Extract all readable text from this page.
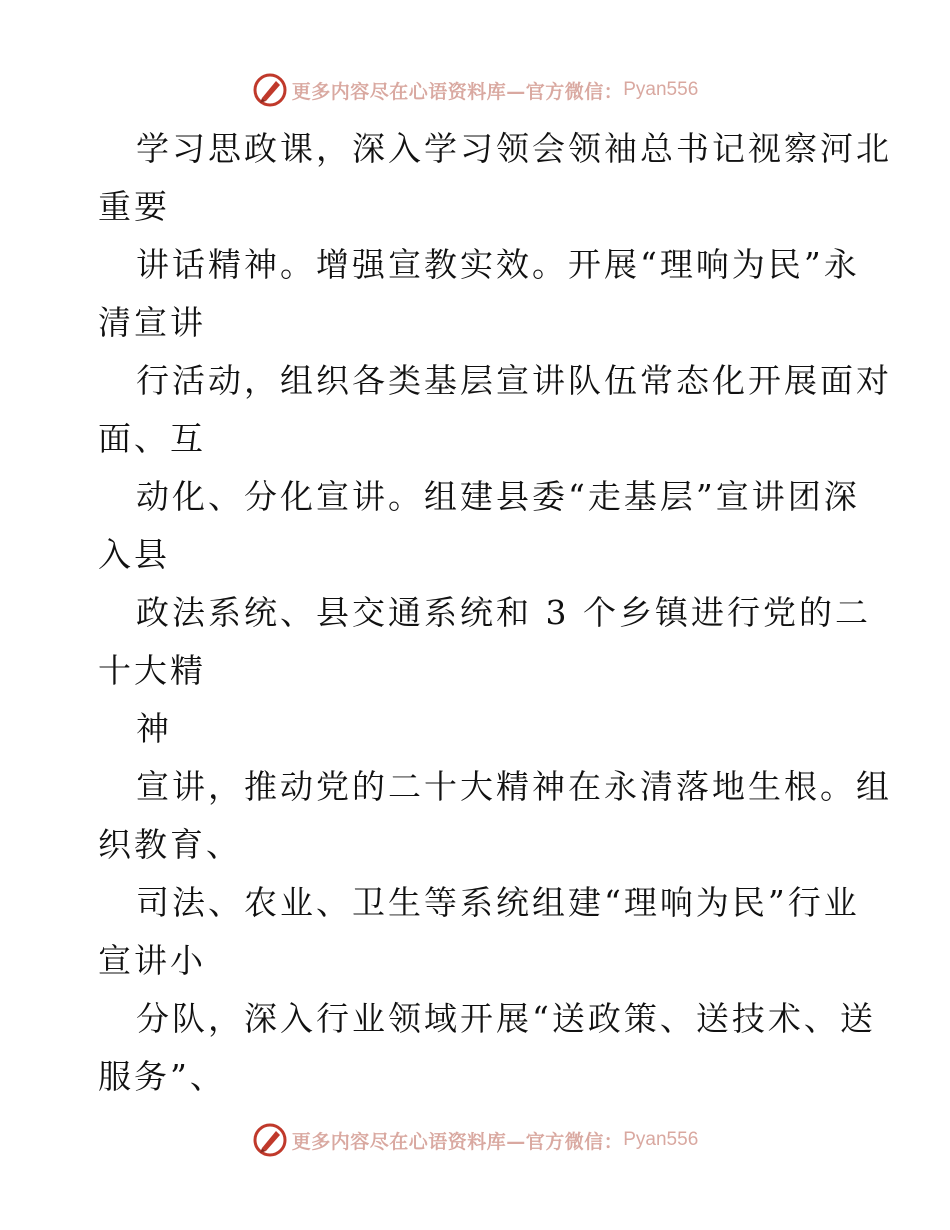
更多内容尽在心语资料库—官方微信： Pyan556
学习思政课，深入学习领会领袖总书记视察河北
重要
讲话精神。增强宣教实效。开展“理响为民”永
清宣讲
行活动，组织各类基层宣讲队伍常态化开展面对
面、互
动化、分化宣讲。组建县委“走基层”宣讲团深
入县
政法系统、县交通系统和 3 个乡镇进行党的二
十大精
神
宣讲，推动党的二十大精神在永清落地生根。组
织教育、
司法、农业、卫生等系统组建“理响为民”行业
宣讲小
分队，深入行业领域开展“送政策、送技术、送
服务”、
更多内容尽在心语资料库—官方微信： Pyan556
